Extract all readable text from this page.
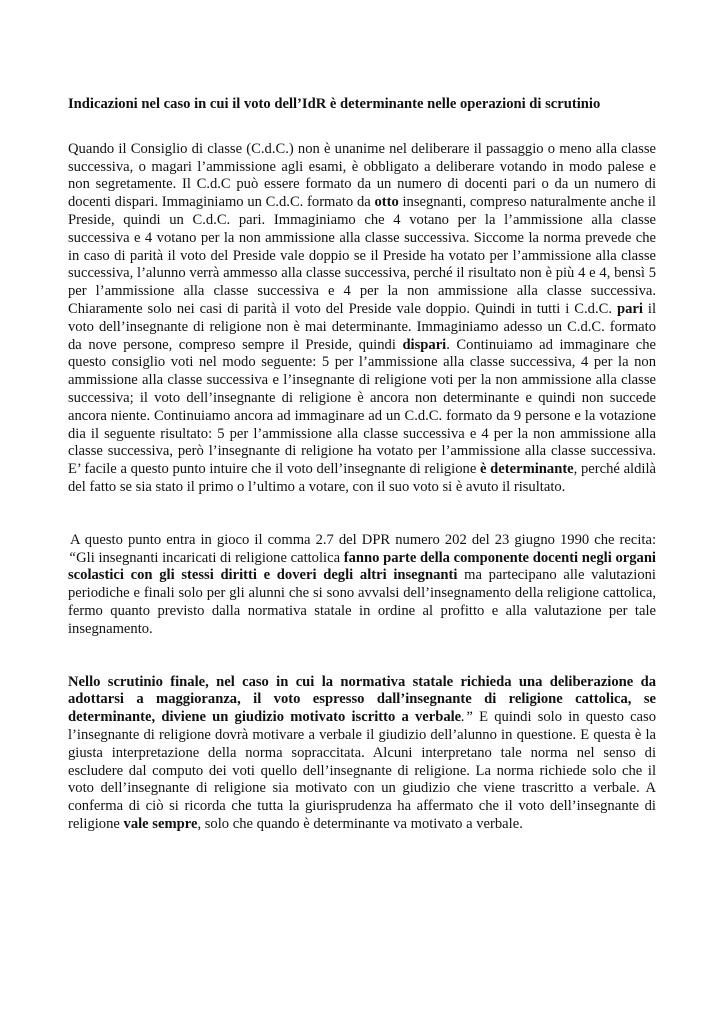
Indicazioni nel caso in cui il voto dell’IdR è determinante nelle operazioni di scrutinio

Quando il Consiglio di classe (C.d.C.) non è unanime nel deliberare il passaggio o meno alla classe successiva, o magari l’ammissione agli esami, è obbligato a deliberare votando in modo palese e non segretamente. Il C.d.C può essere formato da un numero di docenti pari o da un numero di docenti dispari. Immaginiamo un C.d.C. formato da otto insegnanti, compreso naturalmente anche il Preside, quindi un C.d.C. pari. Immaginiamo che 4 votano per la l’ammissione alla classe successiva e 4 votano per la non ammissione alla classe successiva. Siccome la norma prevede che in caso di parità il voto del Preside vale doppio se il Preside ha votato per l’ammissione alla classe successiva, l’alunno verrà ammesso alla classe successiva, perché il risultato non è più 4 e 4, bensì 5 per l’ammissione alla classe successiva e 4 per la non ammissione alla classe successiva. Chiaramente solo nei casi di parità il voto del Preside vale doppio. Quindi in tutti i C.d.C. pari il voto dell’insegnante di religione non è mai determinante. Immaginiamo adesso un C.d.C. formato da nove persone, compreso sempre il Preside, quindi dispari. Continuiamo ad immaginare che questo consiglio voti nel modo seguente: 5 per l’ammissione alla classe successiva, 4 per la non ammissione alla classe successiva e l’insegnante di religione voti per la non ammissione alla classe successiva; il voto dell’insegnante di religione è ancora non determinante e quindi non succede ancora niente. Continuiamo ancora ad immaginare ad un C.d.C. formato da 9 persone e la votazione dia il seguente risultato: 5 per l’ammissione alla classe successiva e 4 per la non ammissione alla classe successiva, però l’insegnante di religione ha votato per l’ammissione alla classe successiva. E’ facile a questo punto intuire che il voto dell’insegnante di religione è determinante, perché aldilà del fatto se sia stato il primo o l’ultimo a votare, con il suo voto si è avuto il risultato.

A questo punto entra in gioco il comma 2.7 del DPR numero 202 del 23 giugno 1990 che recita: “Gli insegnanti incaricati di religione cattolica fanno parte della componente docenti negli organi scolastici con gli stessi diritti e doveri degli altri insegnanti ma partecipano alle valutazioni periodiche e finali solo per gli alunni che si sono avvalsi dell’insegnamento della religione cattolica, fermo quanto previsto dalla normativa statale in ordine al profitto e alla valutazione per tale insegnamento.

Nello scrutinio finale, nel caso in cui la normativa statale richieda una deliberazione da adottarsi a maggioranza, il voto espresso dall’insegnante di religione cattolica, se determinante, diviene un giudizio motivato iscritto a verbale.” E quindi solo in questo caso l’insegnante di religione dovrà motivare a verbale il giudizio dell’alunno in questione. E questa è la giusta interpretazione della norma sopraccitata. Alcuni interpretano tale norma nel senso di escludere dal computo dei voti quello dell’insegnante di religione. La norma richiede solo che il voto dell’insegnante di religione sia motivato con un giudizio che viene trascritto a verbale. A conferma di ciò si ricorda che tutta la giurisprudenza ha affermato che il voto dell’insegnante di religione vale sempre, solo che quando è determinante va motivato a verbale.
